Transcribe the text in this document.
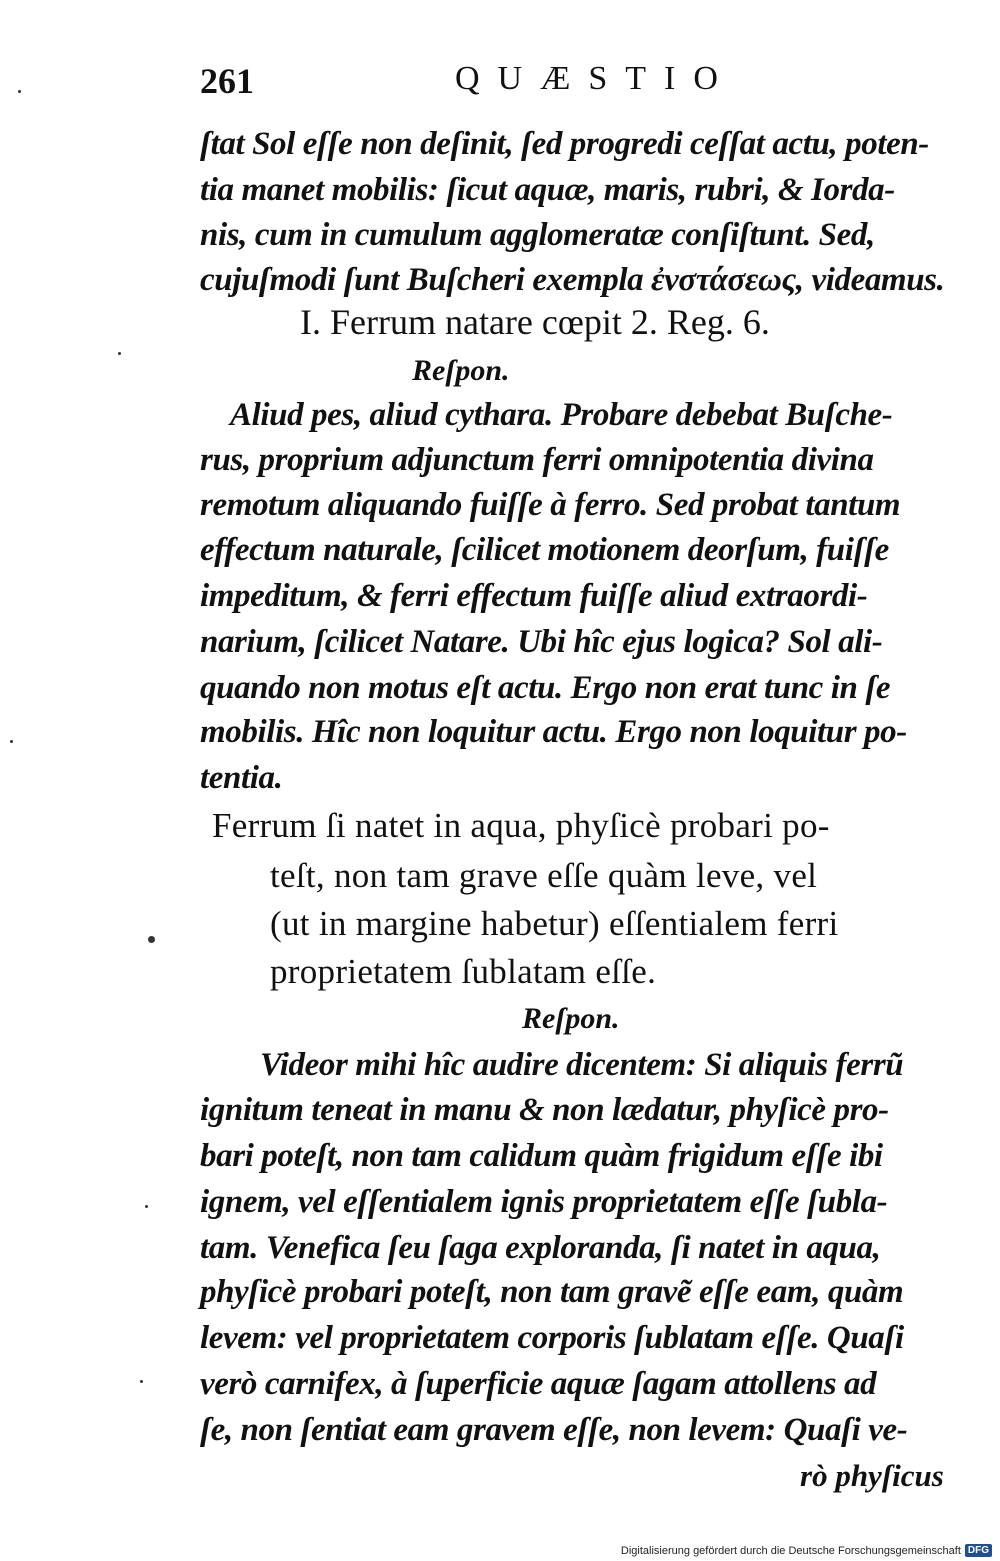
261	QUÆSTIO
ſtat Sol eſſe non deſinit, ſed progredi ceſſat actu, poten-
tia manet mobilis: ſicut aquæ, maris, rubri, & Iorda-
nis, cum in cumulum agglomeratæ conſiſtunt. Sed,
cujuſmodi ſunt Buſcheri exempla ἐνστάσεως, videamus.
I. Ferrum natare cœpit 2. Reg. 6.
Reſpon.
Aliud pes, aliud cythara. Probare debebat Buſche-
rus, proprium adjunctum ferri omnipotentia divina
remotum aliquando fuiſſe à ferro. Sed probat tantum
effectum naturale, ſcilicet motionem deorſum, fuiſſe
impeditum, & ferri effectum fuiſſe aliud extraordi-
narium, ſcilicet Natare. Ubi hîc ejus logica? Sol ali-
quando non motus eſt actu. Ergo non erat tunc in ſe
mobilis. Hîc non loquitur actu. Ergo non loquitur po-
tentia.
Ferrum ſi natet in aqua, phyſicè probari po-
teſt, non tam grave eſſe quàm leve, vel
(ut in margine habetur) eſſentialem ferri
proprietatem ſublatam eſſe.
Reſpon.
Videor mihi hîc audire dicentem: Si aliquis ferrũ
ignitum teneat in manu & non lædatur, phyſicè pro-
bari poteſt, non tam calidum quàm frigidum eſſe ibi
ignem, vel eſſentialem ignis proprietatem eſſe ſubla-
tam. Venefica ſeu ſaga exploranda, ſi natet in aqua,
phyſicè probari poteſt, non tam gravẽ eſſe eam, quàm
levem: vel proprietatem corporis ſublatam eſſe. Quaſi
verò carnifex, à ſuperficie aquæ ſagam attollens ad
ſe, non ſentiat eam gravem eſſe, non levem: Quaſi ve-
rò phyſicus
Digitalisierung gefördert durch die Deutsche Forschungsgemeinschaft DFG
